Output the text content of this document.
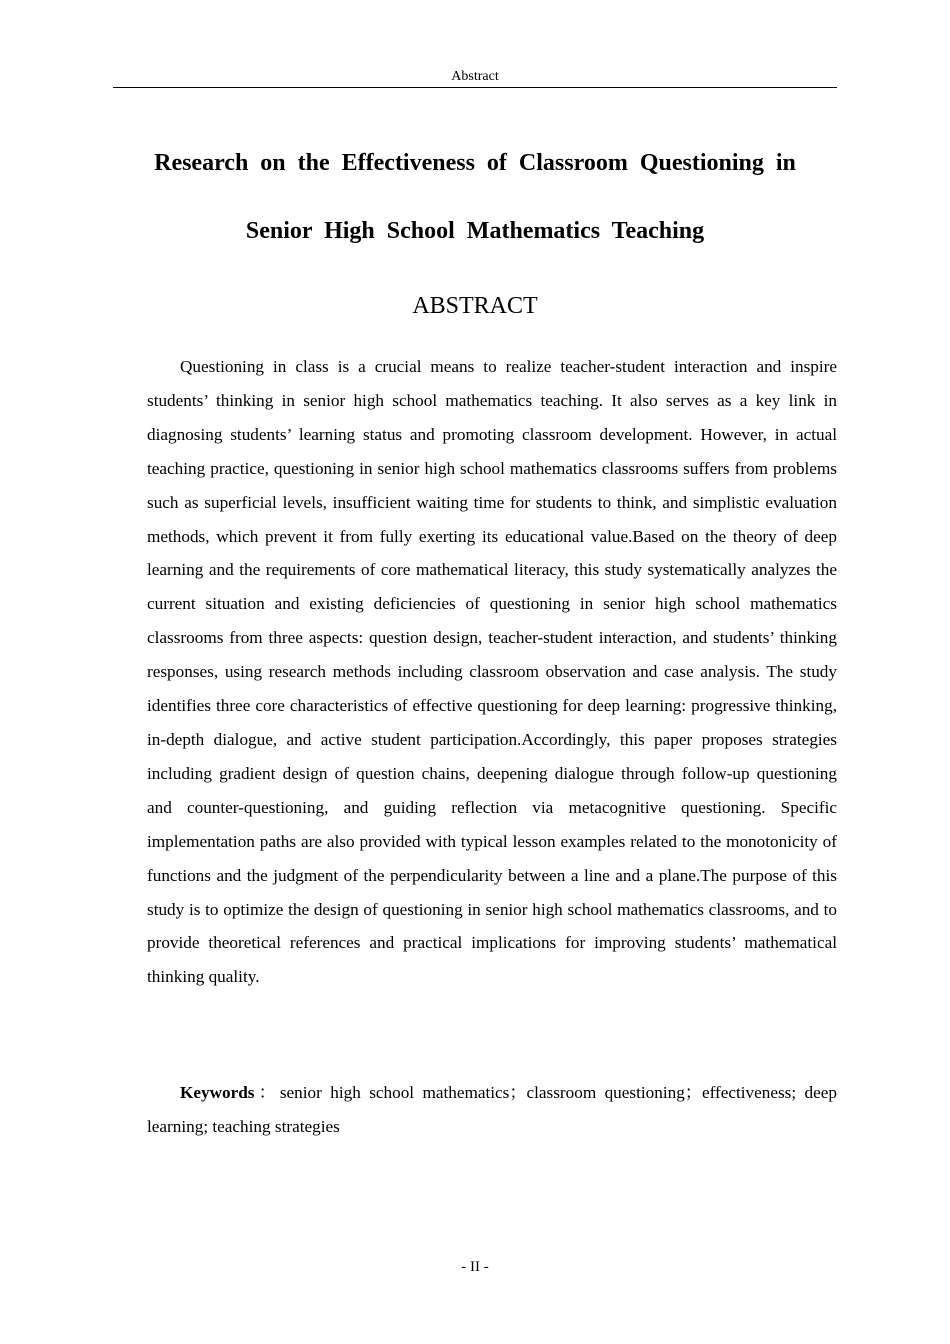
Abstract
Research on the Effectiveness of Classroom Questioning in
Senior High School Mathematics Teaching
ABSTRACT

Questioning in class is a crucial means to realize teacher-student interaction and inspire students’ thinking in senior high school mathematics teaching. It also serves as a key link in diagnosing students’ learning status and promoting classroom development. However, in actual teaching practice, questioning in senior high school mathematics classrooms suffers from problems such as superficial levels, insufficient waiting time for students to think, and simplistic evaluation methods, which prevent it from fully exerting its educational value.Based on the theory of deep learning and the requirements of core mathematical literacy, this study systematically analyzes the current situation and existing deficiencies of questioning in senior high school mathematics classrooms from three aspects: question design, teacher-student interaction, and students’ thinking responses, using research methods including classroom observation and case analysis. The study identifies three core characteristics of effective questioning for deep learning: progressive thinking, in-depth dialogue, and active student participation.Accordingly, this paper proposes strategies including gradient design of question chains, deepening dialogue through follow-up questioning and counter-questioning, and guiding reflection via metacognitive questioning. Specific implementation paths are also provided with typical lesson examples related to the monotonicity of functions and the judgment of the perpendicularity between a line and a plane.The purpose of this study is to optimize the design of questioning in senior high school mathematics classrooms, and to provide theoretical references and practical implications for improving students’ mathematical thinking quality.

Keywords：senior high school mathematics；classroom questioning；effectiveness; deep learning; teaching strategies

- II -
